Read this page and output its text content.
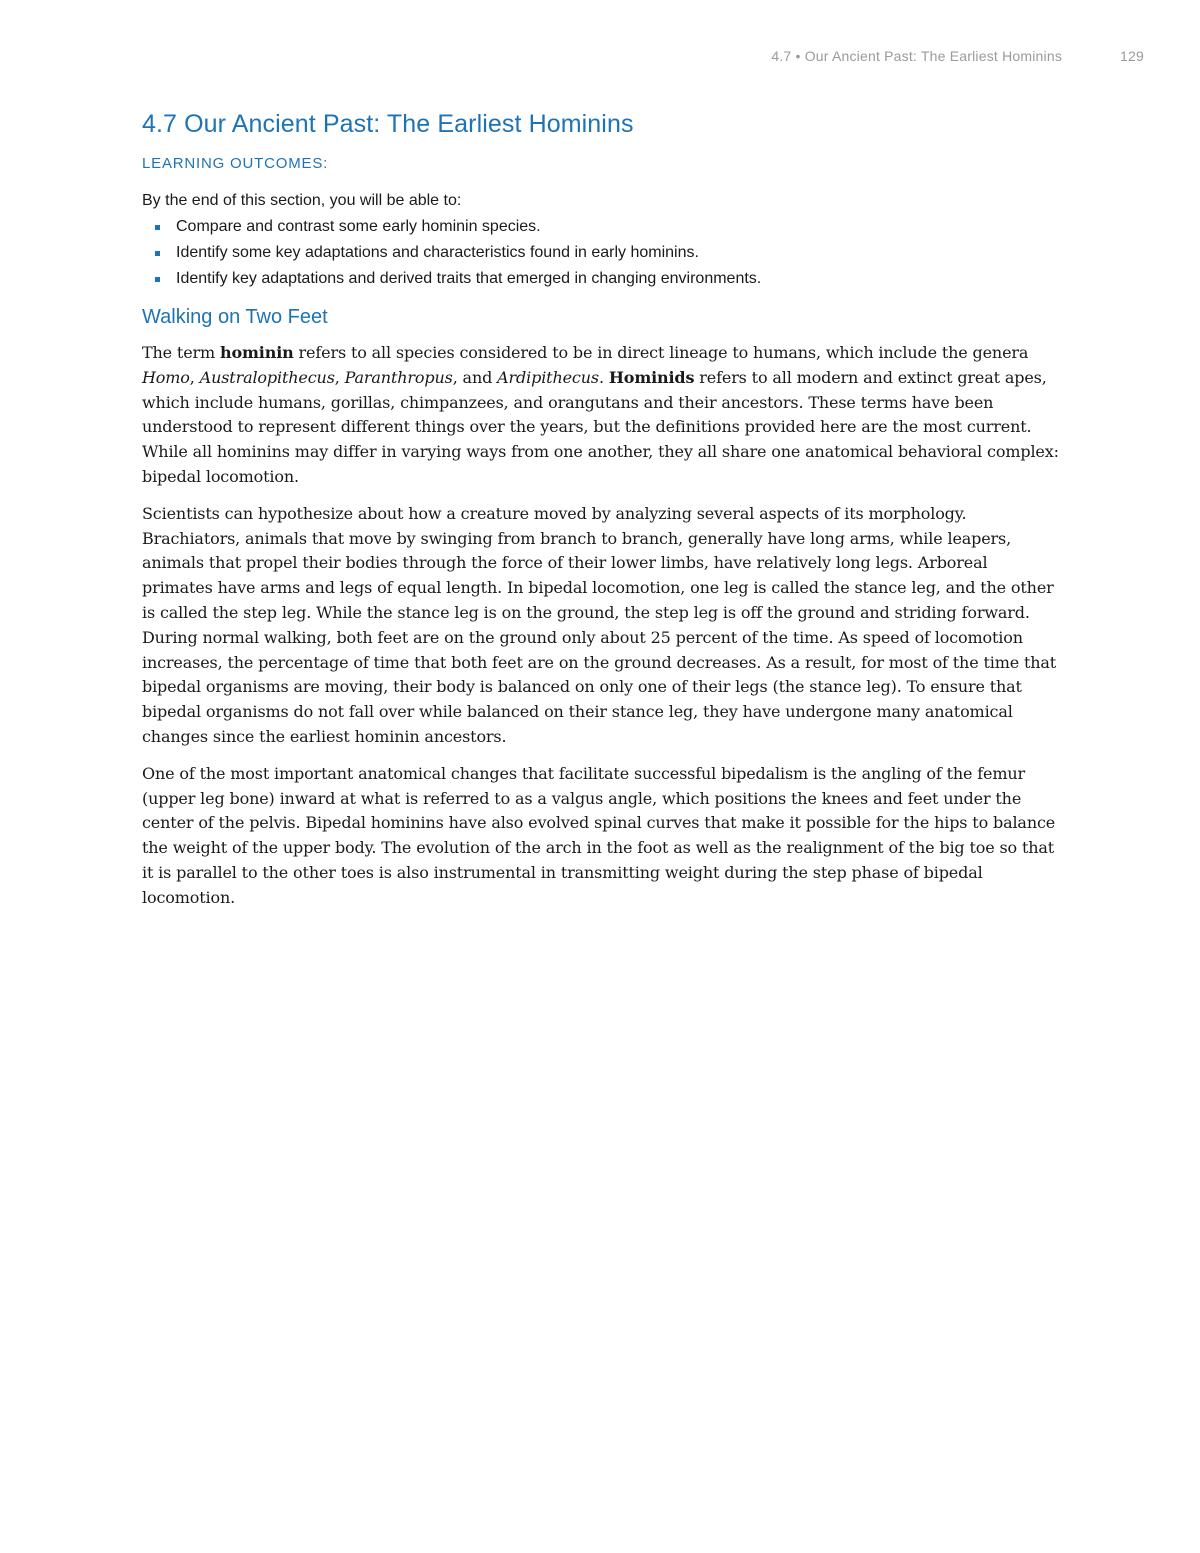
4.7 • Our Ancient Past: The Earliest Hominins	129
4.7 Our Ancient Past: The Earliest Hominins
LEARNING OUTCOMES:

By the end of this section, you will be able to:

Compare and contrast some early hominin species.
Identify some key adaptations and characteristics found in early hominins.
Identify key adaptations and derived traits that emerged in changing environments.
Walking on Two Feet

The term hominin refers to all species considered to be in direct lineage to humans, which include the genera Homo, Australopithecus, Paranthropus, and Ardipithecus. Hominids refers to all modern and extinct great apes, which include humans, gorillas, chimpanzees, and orangutans and their ancestors. These terms have been understood to represent different things over the years, but the definitions provided here are the most current. While all hominins may differ in varying ways from one another, they all share one anatomical behavioral complex: bipedal locomotion.

Scientists can hypothesize about how a creature moved by analyzing several aspects of its morphology. Brachiators, animals that move by swinging from branch to branch, generally have long arms, while leapers, animals that propel their bodies through the force of their lower limbs, have relatively long legs. Arboreal primates have arms and legs of equal length. In bipedal locomotion, one leg is called the stance leg, and the other is called the step leg. While the stance leg is on the ground, the step leg is off the ground and striding forward. During normal walking, both feet are on the ground only about 25 percent of the time. As speed of locomotion increases, the percentage of time that both feet are on the ground decreases. As a result, for most of the time that bipedal organisms are moving, their body is balanced on only one of their legs (the stance leg). To ensure that bipedal organisms do not fall over while balanced on their stance leg, they have undergone many anatomical changes since the earliest hominin ancestors.

One of the most important anatomical changes that facilitate successful bipedalism is the angling of the femur (upper leg bone) inward at what is referred to as a valgus angle, which positions the knees and feet under the center of the pelvis. Bipedal hominins have also evolved spinal curves that make it possible for the hips to balance the weight of the upper body. The evolution of the arch in the foot as well as the realignment of the big toe so that it is parallel to the other toes is also instrumental in transmitting weight during the step phase of bipedal locomotion.
